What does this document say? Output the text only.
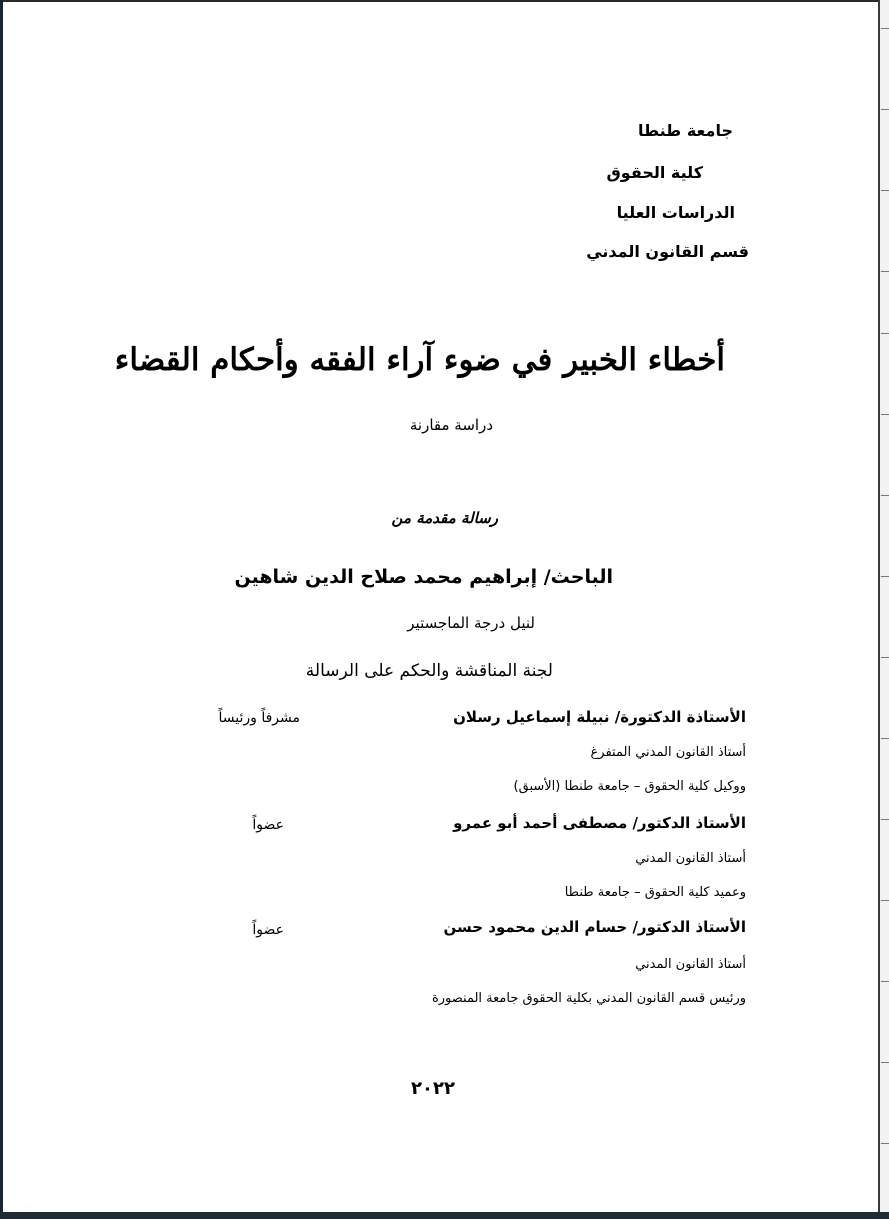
جامعة طنطا
كلية الحقوق
الدراسات العليا
قسم القانون المدني
أخطاء الخبير في ضوء آراء الفقه وأحكام القضاء
دراسة مقارنة
رسالة مقدمة من
الباحث/ إبراهيم محمد صلاح الدين شاهين
لنيل درجة الماجستير
لجنة المناقشة والحكم على الرسالة
الأستاذة الدكتورة/ نبيلة إسماعيل رسلان
مشرفاً ورئيساً
أستاذ القانون المدني المتفرغ
ووكيل كلية الحقوق – جامعة طنطا (الأسبق)
الأستاذ الدكتور/ مصطفى أحمد أبو عمرو
عضواً
أستاذ القانون المدني
وعميد كلية الحقوق – جامعة طنطا
الأستاذ الدكتور/ حسام الدين محمود حسن
عضواً
أستاذ القانون المدني
ورئيس قسم القانون المدني بكلية الحقوق جامعة المنصورة
٢٠٢٢
